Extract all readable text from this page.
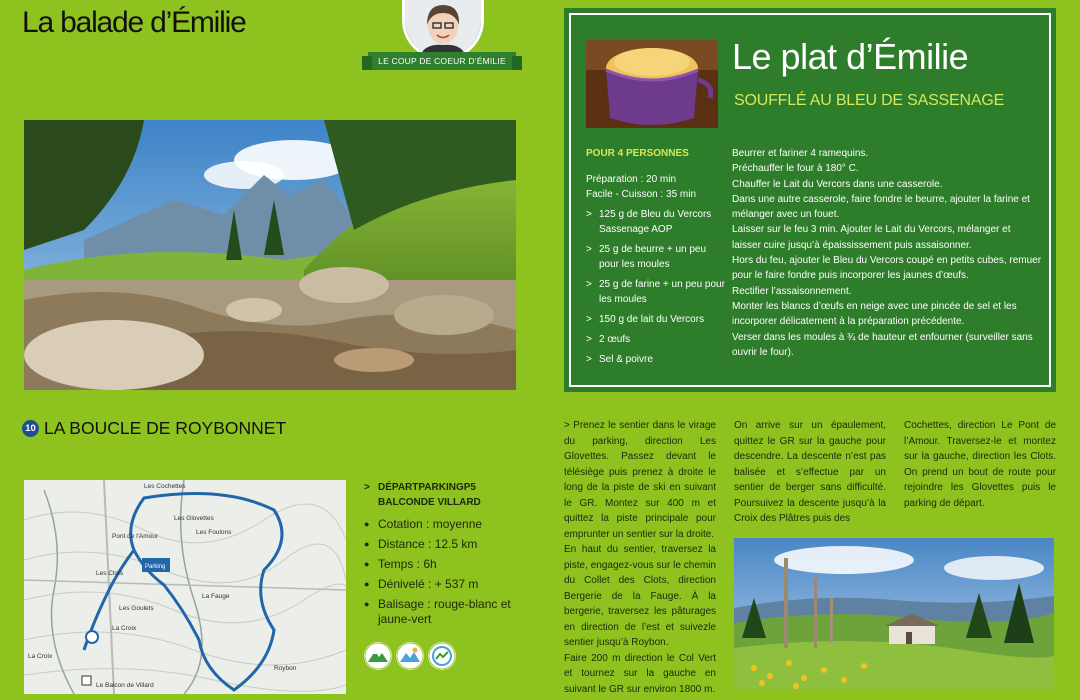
La balade d’Émilie
LE COUP DE COEUR D’ÉMILIE
10 LA BOUCLE DE ROYBONNET
Les Cochettes
Les Glovettes
La Fauge
Pont de l'Amour
Parking
Roybon
Les Clots
Les Goulets
La Croix
La Croix
Le Balcon de Villard
Les Foulons
> DÉPARTPARKINGP5 BALCONDE VILLARD
● Cotation : moyenne
● Distance : 12.5 km
● Temps : 6h
● Dénivelé : + 537 m
● Balisage : rouge-blanc et jaune-vert
Le plat d’Émilie
SOUFFLÉ AU BLEU DE SASSENAGE
POUR 4 PERSONNES
Préparation : 20 min
Facile - Cuisson : 35 min
> 125 g de Bleu du Vercors Sassenage AOP
> 25 g de beurre + un peu pour les moules
> 25 g de farine + un peu pour les moules
> 150 g de lait du Vercors
> 2 œufs
> Sel & poivre

Beurrer et fariner 4 ramequins.

Préchauffer le four à 180° C.

Chauffer le Lait du Vercors dans une casserole.

Dans une autre casserole, faire fondre le beurre, ajouter la farine et mélanger avec un fouet.

Laisser sur le feu 3 min. Ajouter le Lait du Vercors, mélanger et laisser cuire jusqu’à épaississement puis assaisonner.

Hors du feu, ajouter le Bleu du Vercors coupé en petits cubes, remuer pour le faire fondre puis incorporer les jaunes d’œufs.

Rectifier l’assaisonnement.

Monter les blancs d’œufs en neige avec une pincée de sel et les incorporer délicatement à la préparation précédente.

Verser dans les moules à ¾ de hauteur et enfourner (surveiller sans ouvrir le four).

> Prenez le sentier dans le virage du parking, direction Les Glovettes. Passez devant le télésiège puis prenez à droite le long de la piste de ski en suivant le GR. Montez sur 400 m et quittez la piste principale pour emprunter un sentier sur la droite.

En haut du sentier, traversez la piste, engagez-vous sur le chemin du Collet des Clots, direction Bergerie de la Fauge. À la bergerie, traversez les pâturages en direction de l’est et suivezle sentier jusqu’à Roybon.

Faire 200 m direction le Col Vert et tournez sur la gauche en suivant le GR sur environ 1800 m.

On arrive sur un épaulement, quittez le GR sur la gauche pour descendre. La descente n’est pas balisée et s’effectue par un sentier de berger sans difficulté. Poursuivez la descente jusqu’à la Croix des Plâtres puis des

Cochettes, direction Le Pont de l’Amour. Traversez-le et montez sur la gauche, direction les Clots. On prend un bout de route pour rejoindre les Glovettes puis le parking de départ.
